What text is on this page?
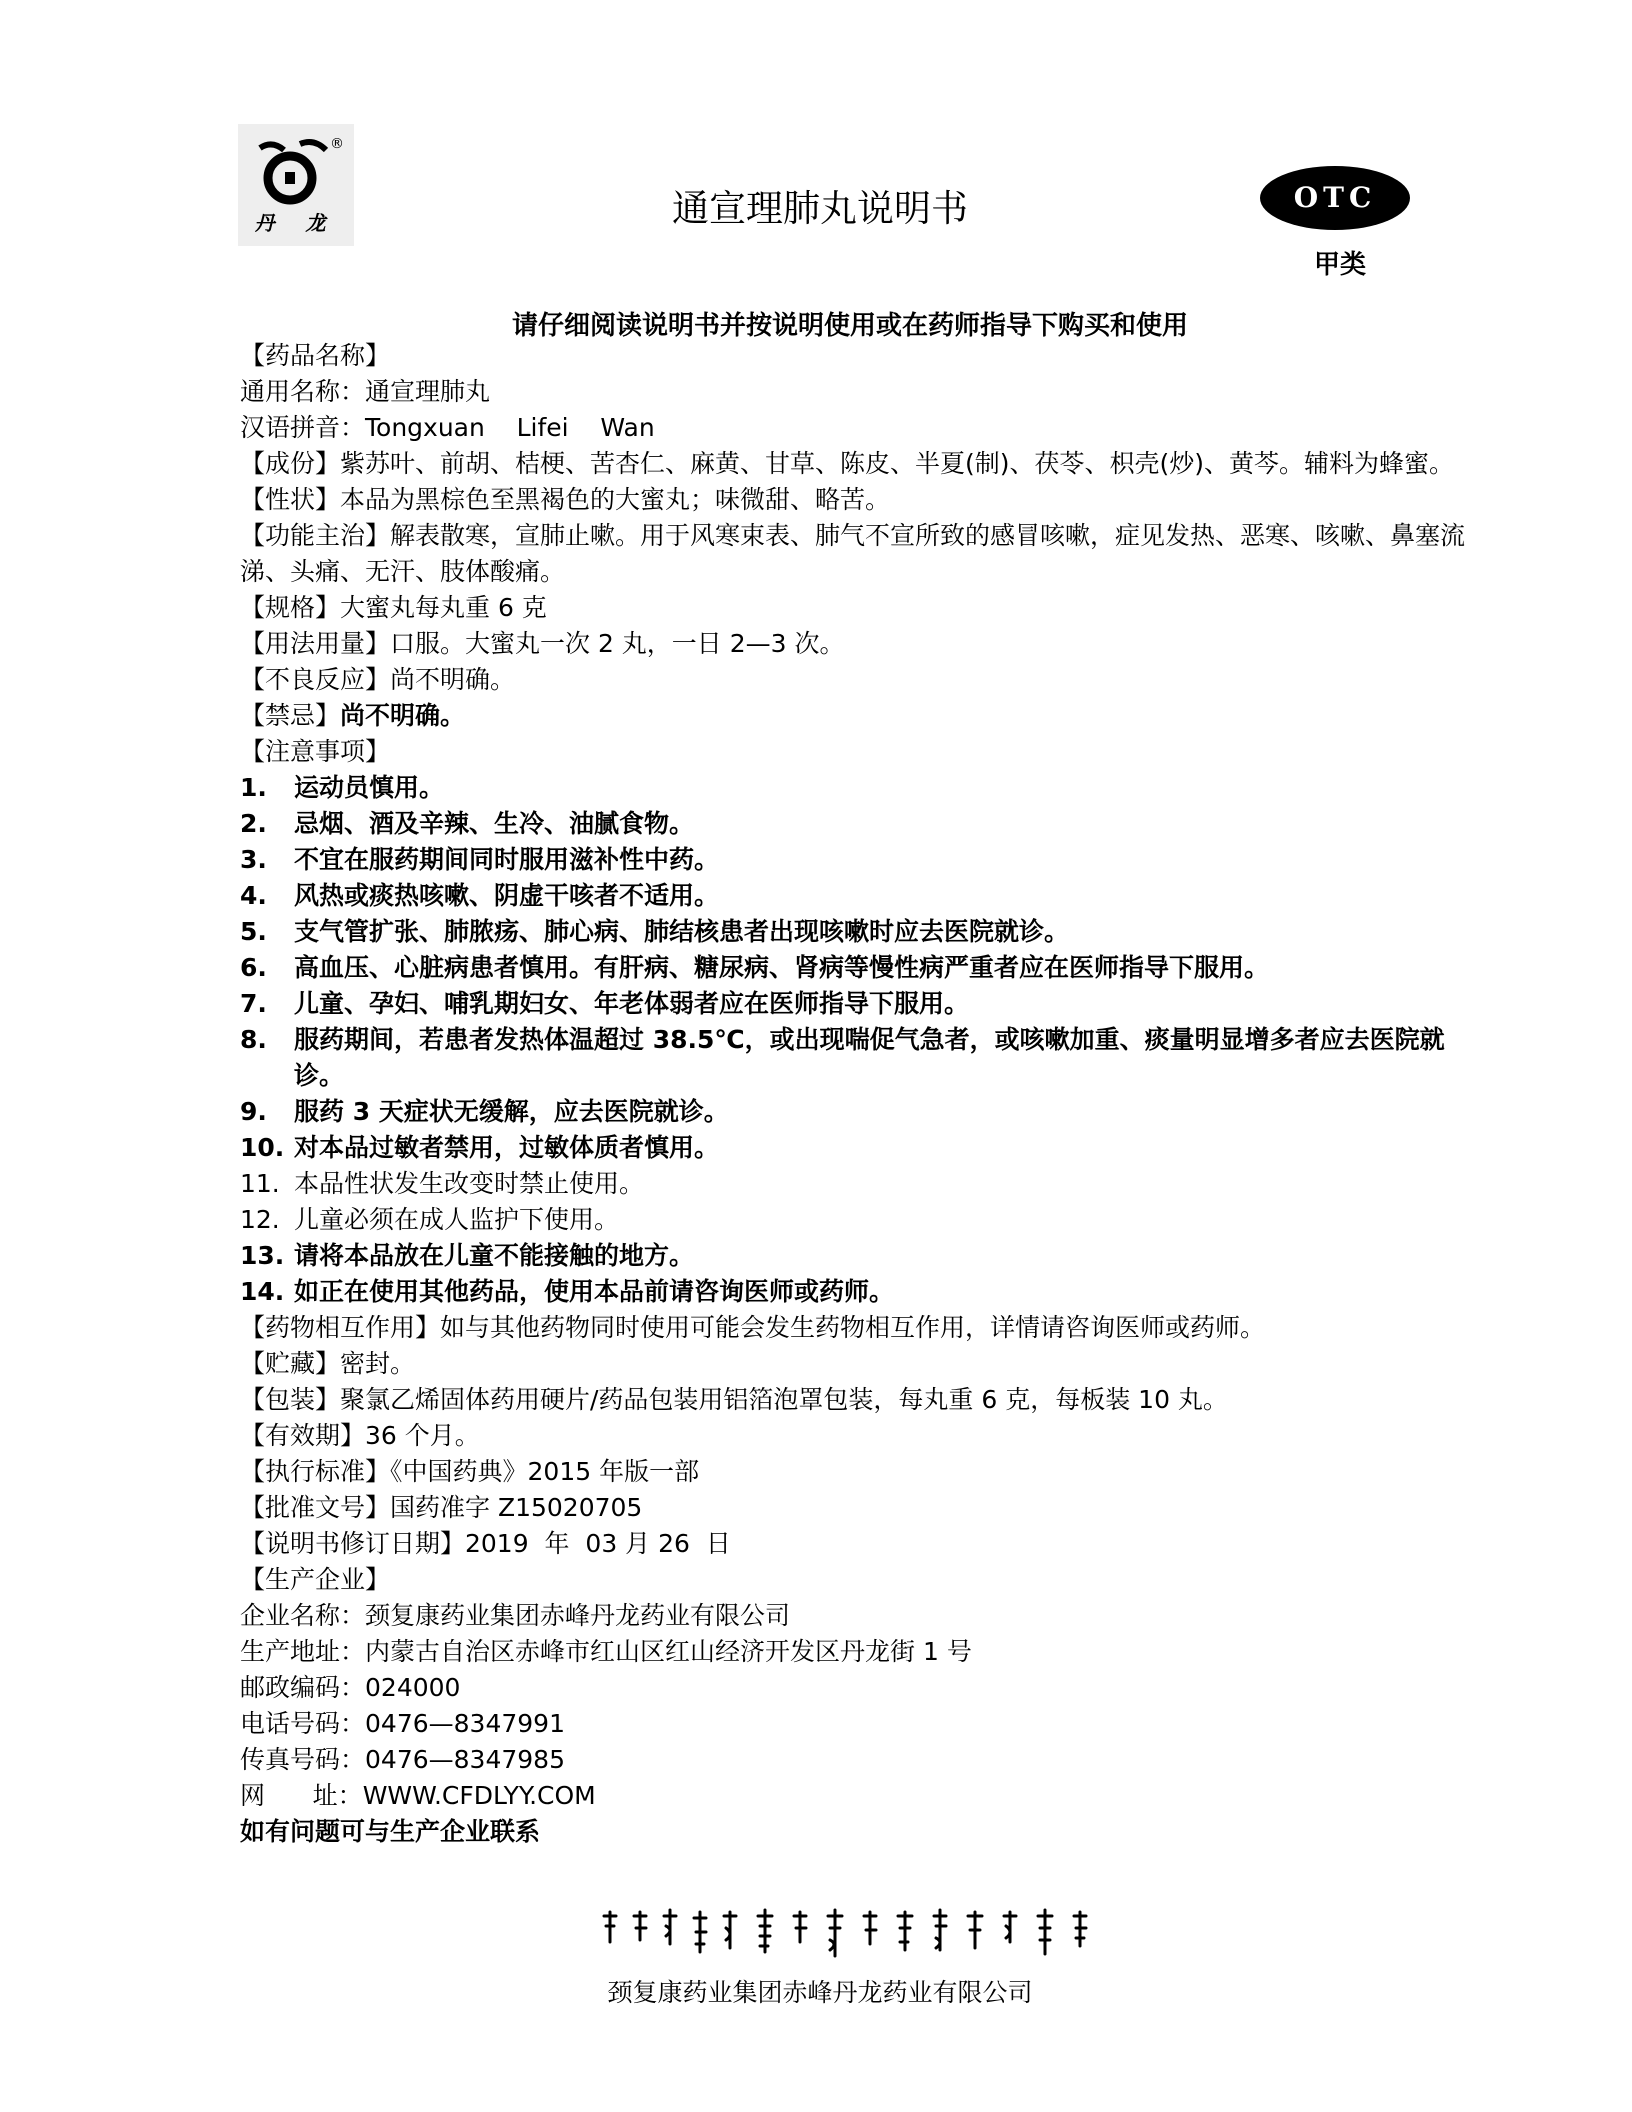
®
丹 龙	通宣理肺丸说明书	OTC
甲类
请仔细阅读说明书并按说明使用或在药师指导下购买和使用

【药品名称】

通用名称：通宣理肺丸

汉语拼音：Tongxuan    Lifei    Wan

【成份】紫苏叶、前胡、桔梗、苦杏仁、麻黄、甘草、陈皮、半夏(制)、茯苓、枳壳(炒)、黄芩。辅料为蜂蜜。

【性状】本品为黑棕色至黑褐色的大蜜丸；味微甜、略苦。

【功能主治】解表散寒，宣肺止嗽。用于风寒束表、肺气不宣所致的感冒咳嗽，症见发热、恶寒、咳嗽、鼻塞流涕、头痛、无汗、肢体酸痛。

【规格】大蜜丸每丸重 6 克

【用法用量】口服。大蜜丸一次 2 丸，一日 2—3 次。

【不良反应】尚不明确。

【禁忌】尚不明确。

【注意事项】

1.	运动员慎用。
2.	忌烟、酒及辛辣、生冷、油腻食物。
3.	不宜在服药期间同时服用滋补性中药。
4.	风热或痰热咳嗽、阴虚干咳者不适用。
5.	支气管扩张、肺脓疡、肺心病、肺结核患者出现咳嗽时应去医院就诊。
6.	高血压、心脏病患者慎用。有肝病、糖尿病、肾病等慢性病严重者应在医师指导下服用。
7.	儿童、孕妇、哺乳期妇女、年老体弱者应在医师指导下服用。
8.	服药期间，若患者发热体温超过 38.5℃，或出现喘促气急者，或咳嗽加重、痰量明显增多者应去医院就诊。
9.	服药 3 天症状无缓解，应去医院就诊。
10. 对本品过敏者禁用，过敏体质者慎用。
11. 本品性状发生改变时禁止使用。
12. 儿童必须在成人监护下使用。
13. 请将本品放在儿童不能接触的地方。
14. 如正在使用其他药品，使用本品前请咨询医师或药师。

【药物相互作用】如与其他药物同时使用可能会发生药物相互作用，详情请咨询医师或药师。

【贮藏】密封。

【包装】聚氯乙烯固体药用硬片/药品包装用铝箔泡罩包装，每丸重 6 克，每板装 10 丸。

【有效期】36 个月。

【执行标准】《中国药典》2015 年版一部

【批准文号】国药准字 Z15020705

【说明书修订日期】2019  年  03 月 26  日

【生产企业】

企业名称：颈复康药业集团赤峰丹龙药业有限公司

生产地址：内蒙古自治区赤峰市红山区红山经济开发区丹龙街 1 号

邮政编码：024000

电话号码：0476—8347991

传真号码：0476—8347985

网      址：WWW.CFDLYY.COM

如有问题可与生产企业联系

颈复康药业集团赤峰丹龙药业有限公司
